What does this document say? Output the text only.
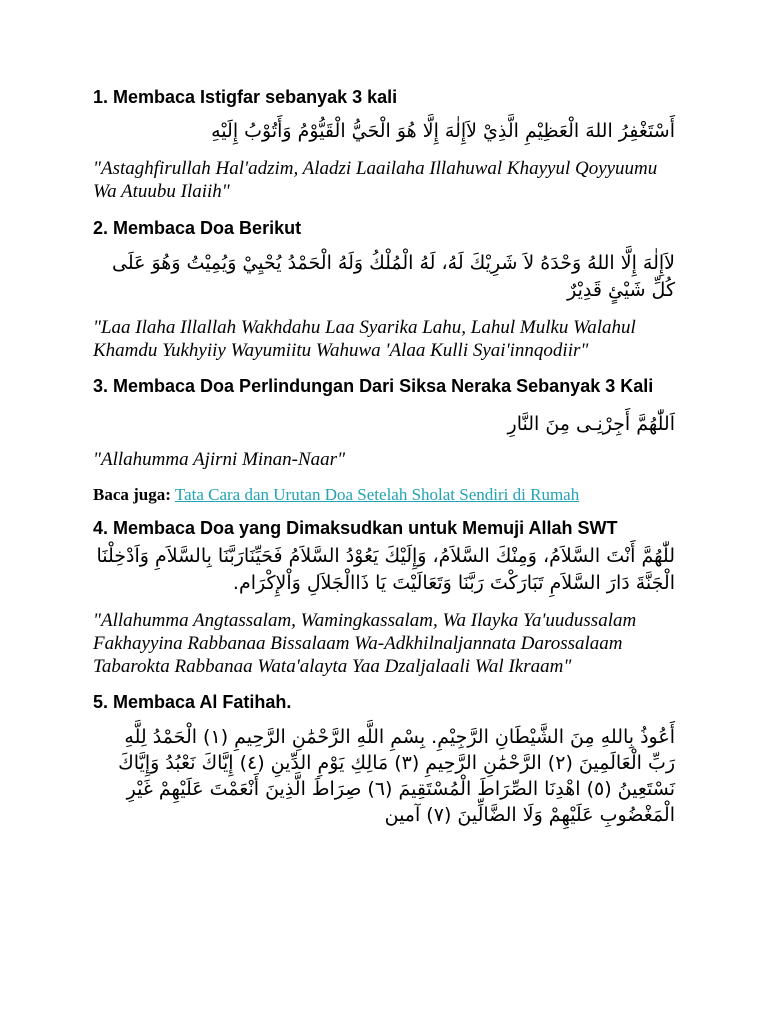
1. Membaca Istigfar sebanyak 3 kali

أَسْتَغْفِرُ اللهَ الْعَظِيْمِ الَّذِيْ لاَإِلٰهَ إِلَّا هُوَ الْحَيُّ الْقَيُّوْمُ وَأَتُوْبُ إِلَيْهِ

"Astaghfirullah Hal'adzim, Aladzi Laailaha Illahuwal Khayyul Qoyyuumu Wa Atuubu Ilaiih"

2. Membaca Doa Berikut

لاَإِلٰهَ إِلَّا اللهُ وَحْدَهُ لاَ شَرِيْكَ لَهُ، لَهُ الْمُلْكُ وَلَهُ الْحَمْدُ يُحْيِيْ وَيُمِيْتُ وَهُوَ عَلَى كُلِّ شَيْئٍ قَدِيْرٌ

"Laa Ilaha Illallah Wakhdahu Laa Syarika Lahu, Lahul Mulku Walahul Khamdu Yukhyiiy Wayumiitu Wahuwa 'Alaa Kulli Syai'innqodiir"

3. Membaca Doa Perlindungan Dari Siksa Neraka Sebanyak 3 Kali

اَللّٰهُمَّ أَجِرْنِـى مِنَ النَّارِ

"Allahumma Ajirni Minan-Naar"

Baca juga: Tata Cara dan Urutan Doa Setelah Sholat Sendiri di Rumah

4. Membaca Doa yang Dimaksudkan untuk Memuji Allah SWT

للّٰهُمَّ أَنْتَ السَّلاَمُ، وَمِنْكَ السَّلاَمُ، وَإِلَيْكَ يَعُوْدُ السَّلاَمُ فَحَيِّنَارَبَّنَا بِالسَّلاَمِ وَاَدْخِلْنَا الْجَنَّةَ دَارَ السَّلاَمِ تَبَارَكْتَ رَبَّنَا وَتَعَالَيْتَ يَا ذَاالْجَلاَلِ وَاْلإِكْرَام.

"Allahumma Angtassalam, Wamingkassalam, Wa Ilayka Ya'uudussalam Fakhayyina Rabbanaa Bissalaam Wa-Adkhilnaljannata Darossalaam Tabarokta Rabbanaa Wata'alayta Yaa Dzaljalaali Wal Ikraam"

5. Membaca Al Fatihah.

أَعُوذُ بِاللهِ مِنَ الشَّيْطَانِ الرَّجِيْمِ. بِسْمِ اللَّهِ الرَّحْمَٰنِ الرَّحِيمِ (١) الْحَمْدُ لِلَّهِ رَبِّ الْعَالَمِينَ (٢) الرَّحْمَٰنِ الرَّحِيمِ (٣) مَالِكِ يَوْمِ الدِّينِ (٤) إِيَّاكَ نَعْبُدُ وَإِيَّاكَ نَسْتَعِينُ (٥) اهْدِنَا الصِّرَاطَ الْمُسْتَقِيمَ (٦) صِرَاطَ الَّذِينَ أَنْعَمْتَ عَلَيْهِمْ غَيْرِ الْمَغْضُوبِ عَلَيْهِمْ وَلَا الضَّالِّينَ (٧) آمين
